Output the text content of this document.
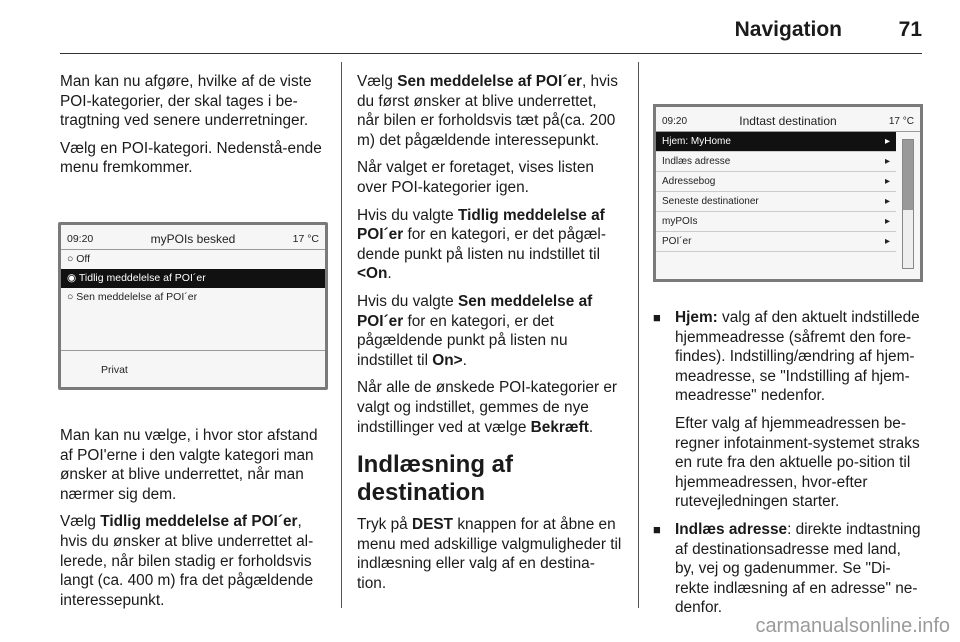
Navigation	71

Man kan nu afgøre, hvilke af de viste POI-kategorier, der skal tages i be-tragtning ved senere underretninger.

Vælg en POI-kategori. Nedenstå-ende menu fremkommer.

09:20	myPOIs besked	17 °C
○ Off
◉ Tidlig meddelelse af POI´er
○ Sen meddelelse af POI´er
Privat

Man kan nu vælge, i hvor stor afstand af POI'erne i den valgte kategori man ønsker at blive underrettet, når man nærmer sig dem.

Vælg Tidlig meddelelse af POI´er, hvis du ønsker at blive underrettet al-lerede, når bilen stadig er forholdsvis langt (ca. 400 m) fra det pågældende interessepunkt.

Vælg Sen meddelelse af POI´er, hvis du først ønsker at blive underrettet, når bilen er forholdsvis tæt på(ca. 200 m) det pågældende interessepunkt.

Når valget er foretaget, vises listen over POI-kategorier igen.

Hvis du valgte Tidlig meddelelse af POI´er for en kategori, er det pågæl-dende punkt på listen nu indstillet til <On.

Hvis du valgte Sen meddelelse af POI´er for en kategori, er det pågældende punkt på listen nu indstillet til On>.

Når alle de ønskede POI-kategorier er valgt og indstillet, gemmes de nye indstillinger ved at vælge Bekræft.

Indlæsning af destination

Tryk på DEST knappen for at åbne en menu med adskillige valgmuligheder til indlæsning eller valg af en destina-tion.

09:20	Indtast destination	17 °C
Hjem: MyHome	▸
Indlæs adresse	▸
Adressebog	▸
Seneste destinationer	▸
myPOIs	▸
POI´er	▸
■ Hjem: valg af den aktuelt indstillede hjemmeadresse (såfremt den fore-findes). Indstilling/ændring af hjem-meadresse, se "Indstilling af hjem-meadresse" nedenfor.

Efter valg af hjemmeadressen be-regner infotainment-systemet straks en rute fra den aktuelle po-sition til hjemmeadressen, hvor-efter rutevejledningen starter.

■ Indlæs adresse: direkte indtastning af destinationsadresse med land, by, vej og gadenummer. Se "Di-rekte indlæsning af en adresse" ne-denfor.

carmanualsonline.info
